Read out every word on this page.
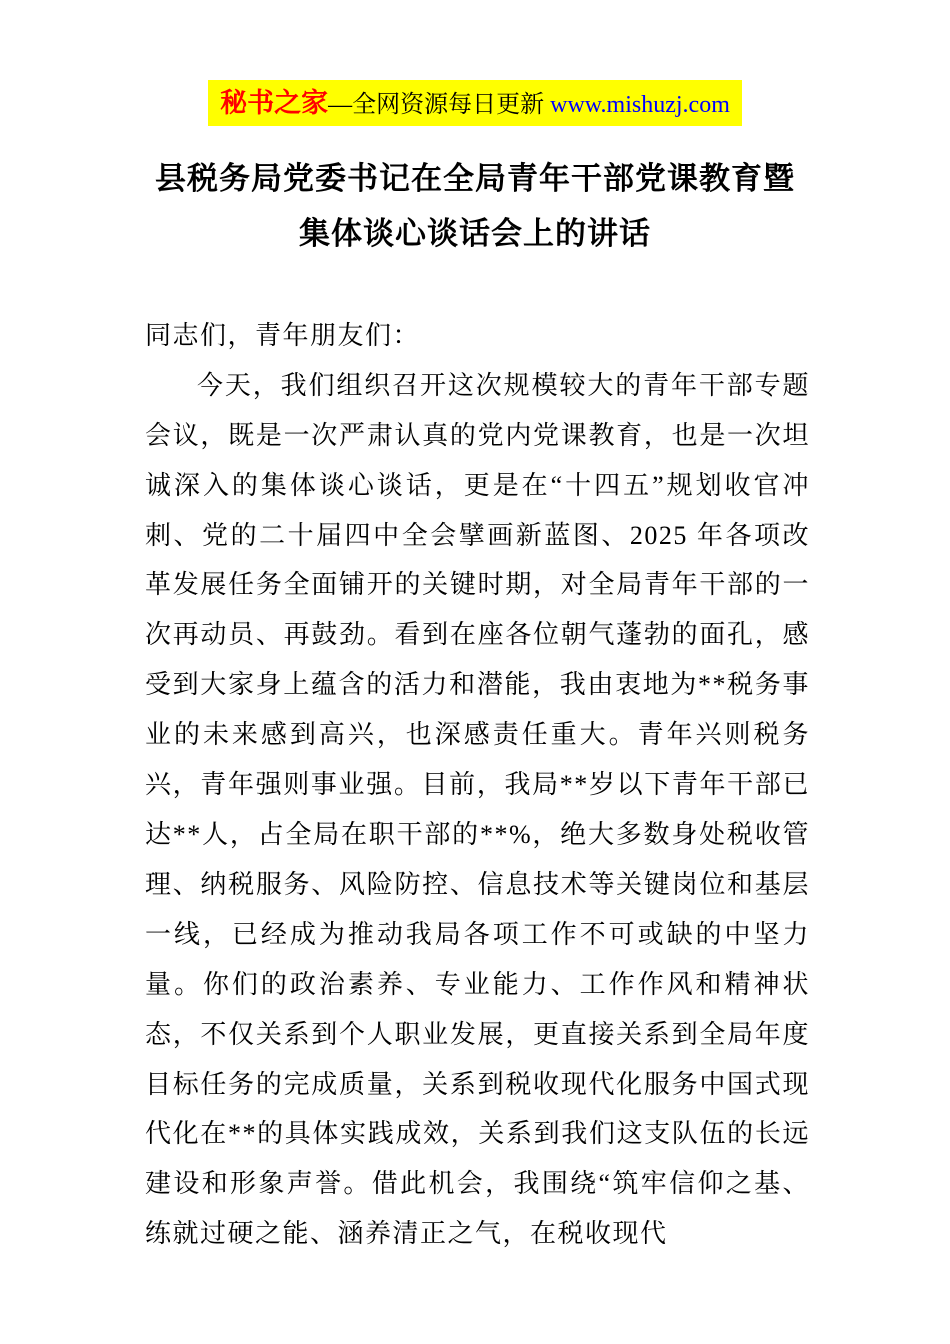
秘书之家—全网资源每日更新 www.mishuzj.com
县税务局党委书记在全局青年干部党课教育暨
集体谈心谈话会上的讲话

同志们，青年朋友们：

今天，我们组织召开这次规模较大的青年干部专题会议，既是一次严肃认真的党内党课教育，也是一次坦诚深入的集体谈心谈话，更是在“十四五”规划收官冲刺、党的二十届四中全会擘画新蓝图、2025 年各项改革发展任务全面铺开的关键时期，对全局青年干部的一次再动员、再鼓劲。看到在座各位朝气蓬勃的面孔，感受到大家身上蕴含的活力和潜能，我由衷地为**税务事业的未来感到高兴，也深感责任重大。青年兴则税务兴，青年强则事业强。目前，我局**岁以下青年干部已达**人，占全局在职干部的**%，绝大多数身处税收管理、纳税服务、风险防控、信息技术等关键岗位和基层一线，已经成为推动我局各项工作不可或缺的中坚力量。你们的政治素养、专业能力、工作作风和精神状态，不仅关系到个人职业发展，更直接关系到全局年度目标任务的完成质量，关系到税收现代化服务中国式现代化在**的具体实践成效，关系到我们这支队伍的长远建设和形象声誉。借此机会，我围绕“筑牢信仰之基、练就过硬之能、涵养清正之气，在税收现代
